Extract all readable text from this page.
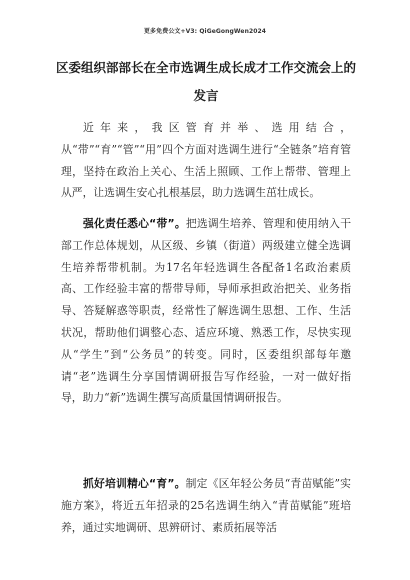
更多免费公文+V3: QiGeGongWen2024
区委组织部部长在全市选调生成长成才工作交流会上的发言

近年来，我区管育并举、选用结合，从“带”“育”“管”“用”四个方面对选调生进行“全链条”培育管理，坚持在政治上关心、生活上照顾、工作上帮带、管理上从严，让选调生安心扎根基层，助力选调生茁壮成长。

强化责任悉心“带”。把选调生培养、管理和使用纳入干部工作总体规划，从区级、乡镇（街道）两级建立健全选调生培养帮带机制。为17名年轻选调生各配备1名政治素质高、工作经验丰富的帮带导师，导师承担政治把关、业务指导、答疑解惑等职责，经常性了解选调生思想、工作、生活状况，帮助他们调整心态、适应环境、熟悉工作，尽快实现从“学生”到“公务员”的转变。同时，区委组织部每年邀请“老”选调生分享国情调研报告写作经验，一对一做好指导，助力“新”选调生撰写高质量国情调研报告。

抓好培训精心“育”。制定《区年轻公务员“青苗赋能”实施方案》，将近五年招录的25名选调生纳入“青苗赋能”班培养，通过实地调研、思辨研讨、素质拓展等活
